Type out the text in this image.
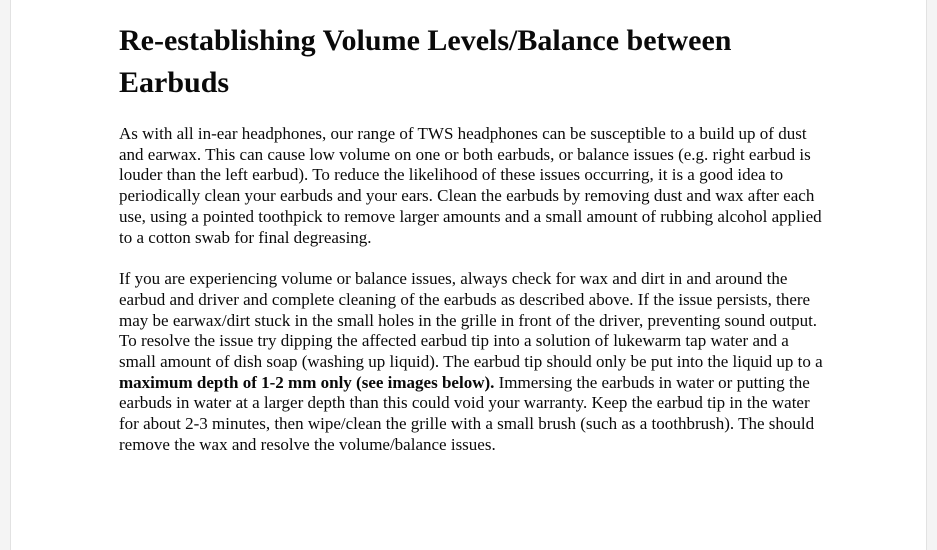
Re-establishing Volume Levels/Balance between Earbuds

As with all in-ear headphones, our range of TWS headphones can be susceptible to a build up of dust and earwax. This can cause low volume on one or both earbuds, or balance issues (e.g. right earbud is louder than the left earbud). To reduce the likelihood of these issues occurring, it is a good idea to periodically clean your earbuds and your ears. Clean the earbuds by removing dust and wax after each use, using a pointed toothpick to remove larger amounts and a small amount of rubbing alcohol applied to a cotton swab for final degreasing.

If you are experiencing volume or balance issues, always check for wax and dirt in and around the earbud and driver and complete cleaning of the earbuds as described above. If the issue persists, there may be earwax/dirt stuck in the small holes in the grille in front of the driver, preventing sound output. To resolve the issue try dipping the affected earbud tip into a solution of lukewarm tap water and a small amount of dish soap (washing up liquid). The earbud tip should only be put into the liquid up to a maximum depth of 1-2 mm only (see images below). Immersing the earbuds in water or putting the earbuds in water at a larger depth than this could void your warranty. Keep the earbud tip in the water for about 2-3 minutes, then wipe/clean the grille with a small brush (such as a toothbrush). The should remove the wax and resolve the volume/balance issues.
